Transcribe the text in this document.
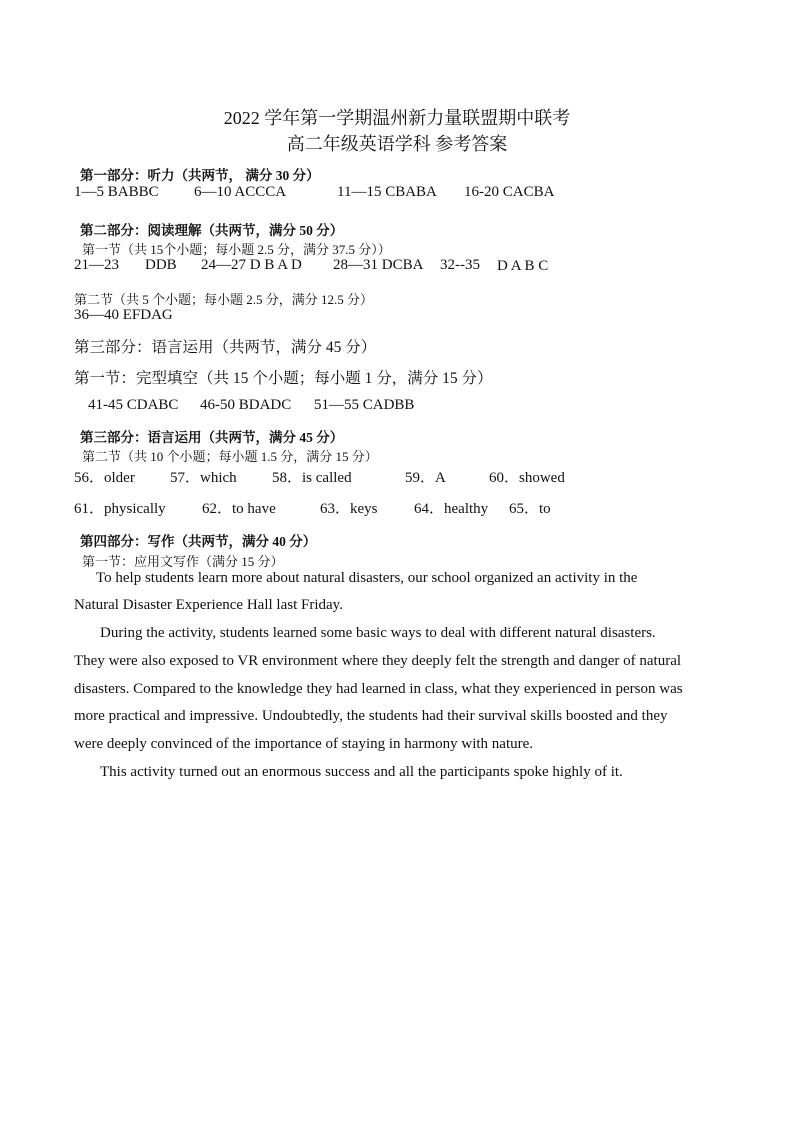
2022 学年第一学期温州新力量联盟期中联考
高二年级英语学科 参考答案
第一部分：听力（共两节， 满分 30 分）
1—5 BABBC 6—10 ACCCA	11—15 CBABA 16-20 CACBA
第二部分：阅读理解（共两节，满分 50 分）
第一节（共 15个小题；每小题 2.5 分，满分 37.5 分））
21—23 DDB 24—27 D B A D 28—31 DCBA 32--35 D A B C
第二节（共 5 个小题；每小题 2.5 分，满分 12.5 分）
36—40 EFDAG
第三部分：语言运用（共两节，满分 45 分）
第一节：完型填空（共 15 个小题；每小题 1 分，满分 15 分）
41-45 CDABC 46-50 BDADC 51—55 CADBB
第三部分：语言运用（共两节，满分 45 分）
第二节（共 10 个小题；每小题 1.5 分，满分 15 分）
56．older 57．which 58．is called	59．A	60．showed
61．physically 62．to have	63．keys 64．healthy 65．to
第四部分：写作（共两节，满分 40 分）
第一节：应用文写作（满分 15 分）
To help students learn more about natural disasters, our school organized an activity in the
Natural Disaster Experience Hall last Friday.
During the activity, students learned some basic ways to deal with different natural disasters.
They were also exposed to VR environment where they deeply felt the strength and danger of natural
disasters. Compared to the knowledge they had learned in class, what they experienced in person was
more practical and impressive. Undoubtedly, the students had their survival skills boosted and they
were deeply convinced of the importance of staying in harmony with nature.
This activity turned out an enormous success and all the participants spoke highly of it.
